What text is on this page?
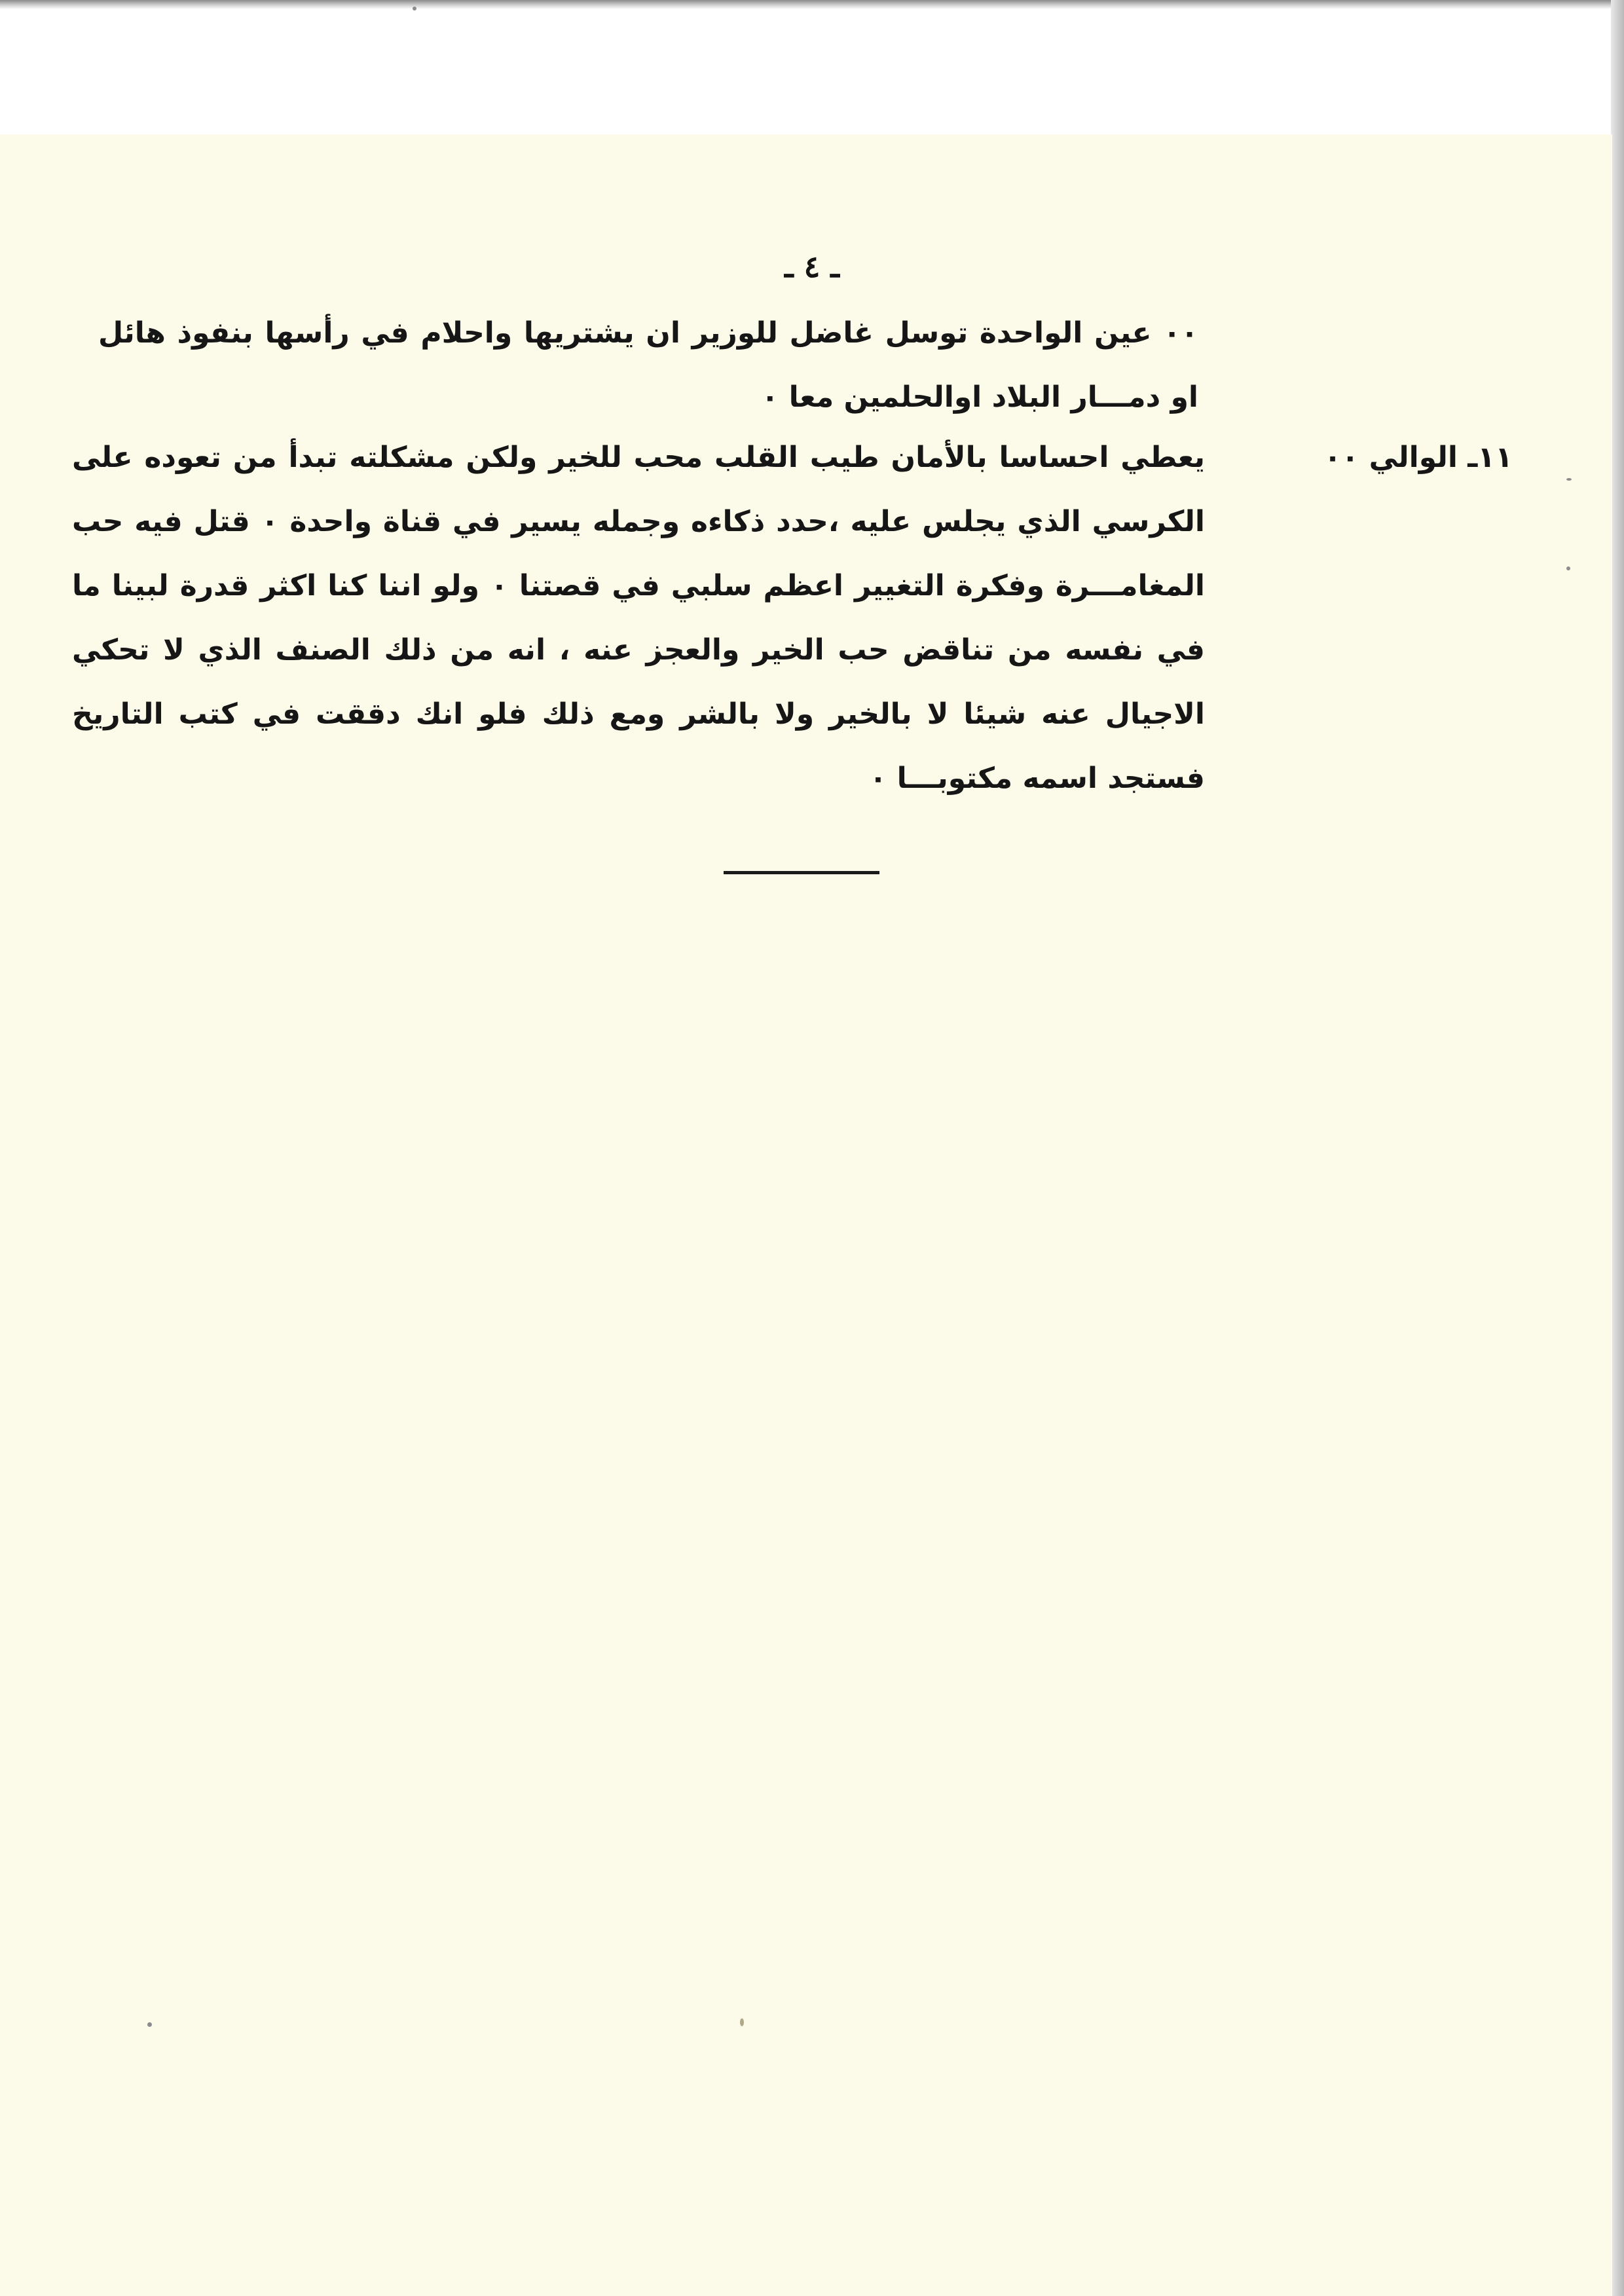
ـ ٤ ـ

٠٠ عين الواحدة توسل غاضل للوزير ان يشتريها واحلام في رأسها بنفوذ هائل او دمـــار البلاد اوالحلمين معا ٠

١١ـ الوالي ٠٠

يعطي احساسا بالأمان طيب القلب محب للخير ولكن مشكلته تبدأ من تعوده على الكرسي الذي يجلس عليه ،حدد ذكاءه وجمله يسير في قناة واحدة ٠ قتل فيه حب المغامـــرة وفكرة التغيير اعظم سلبي في قصتنا ٠ ولو اننا كنا اكثر قدرة لبينا ما في نفسه من تناقض حب الخير والعجز عنه ، انه من ذلك الصنف الذي لا تحكي الاجيال عنه شيئا لا بالخير ولا بالشر ومع ذلك فلو انك دققت في كتب التاريخ فستجد اسمه مكتوبـــا ٠
